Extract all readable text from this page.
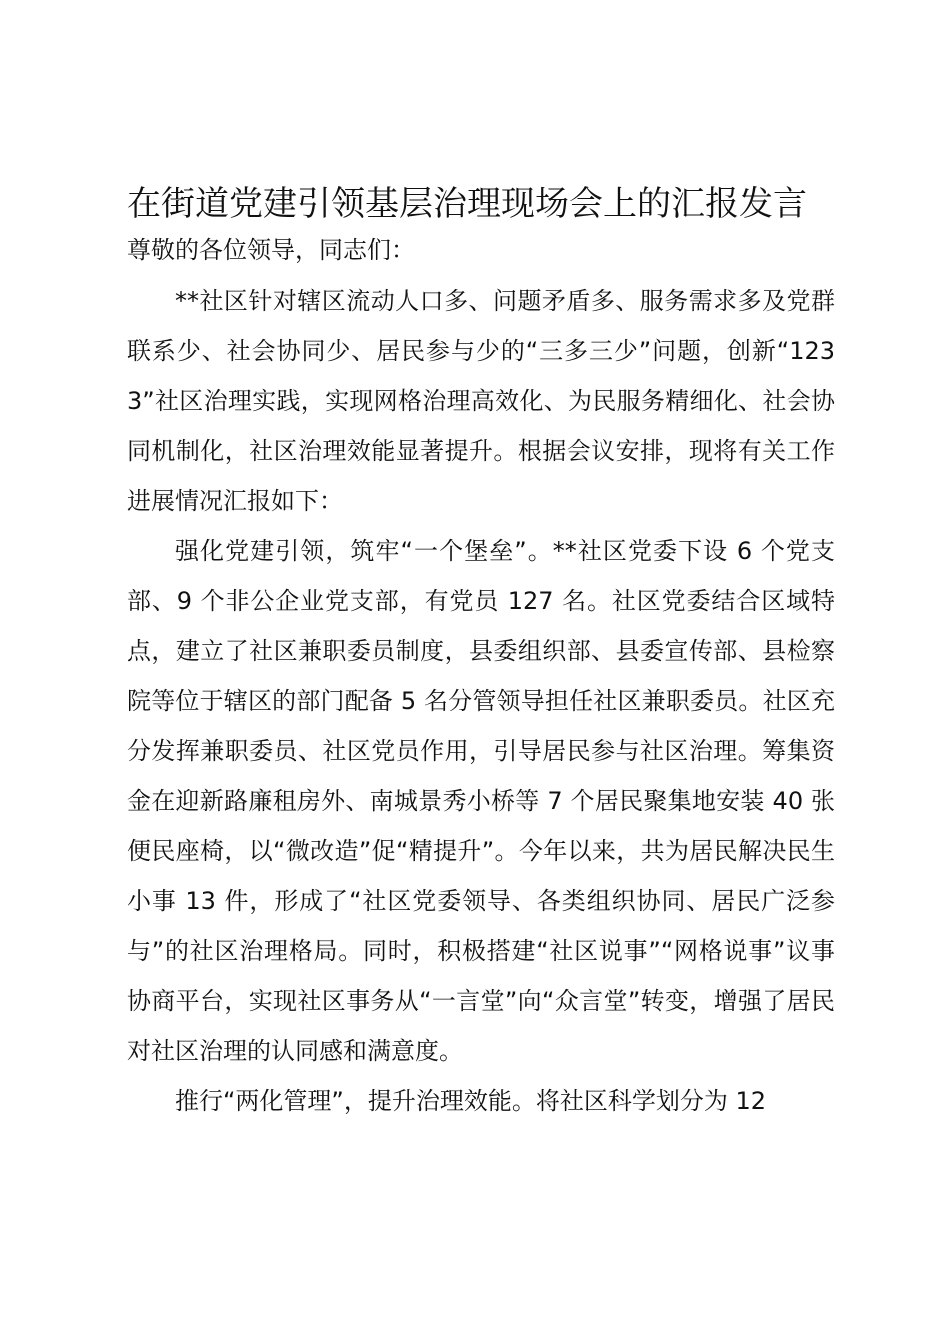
在街道党建引领基层治理现场会上的汇报发言

尊敬的各位领导，同志们：

**社区针对辖区流动人口多、问题矛盾多、服务需求多及党群联系少、社会协同少、居民参与少的“三多三少”问题，创新“1233”社区治理实践，实现网格治理高效化、为民服务精细化、社会协同机制化，社区治理效能显著提升。根据会议安排，现将有关工作进展情况汇报如下：

强化党建引领，筑牢“一个堡垒”。**社区党委下设 6 个党支部、9 个非公企业党支部，有党员 127 名。社区党委结合区域特点，建立了社区兼职委员制度，县委组织部、县委宣传部、县检察院等位于辖区的部门配备 5 名分管领导担任社区兼职委员。社区充分发挥兼职委员、社区党员作用，引导居民参与社区治理。筹集资金在迎新路廉租房外、南城景秀小桥等 7 个居民聚集地安装 40 张便民座椅，以“微改造”促“精提升”。今年以来，共为居民解决民生小事 13 件，形成了“社区党委领导、各类组织协同、居民广泛参与”的社区治理格局。同时，积极搭建“社区说事”“网格说事”议事协商平台，实现社区事务从“一言堂”向“众言堂”转变，增强了居民对社区治理的认同感和满意度。

推行“两化管理”，提升治理效能。将社区科学划分为 12
